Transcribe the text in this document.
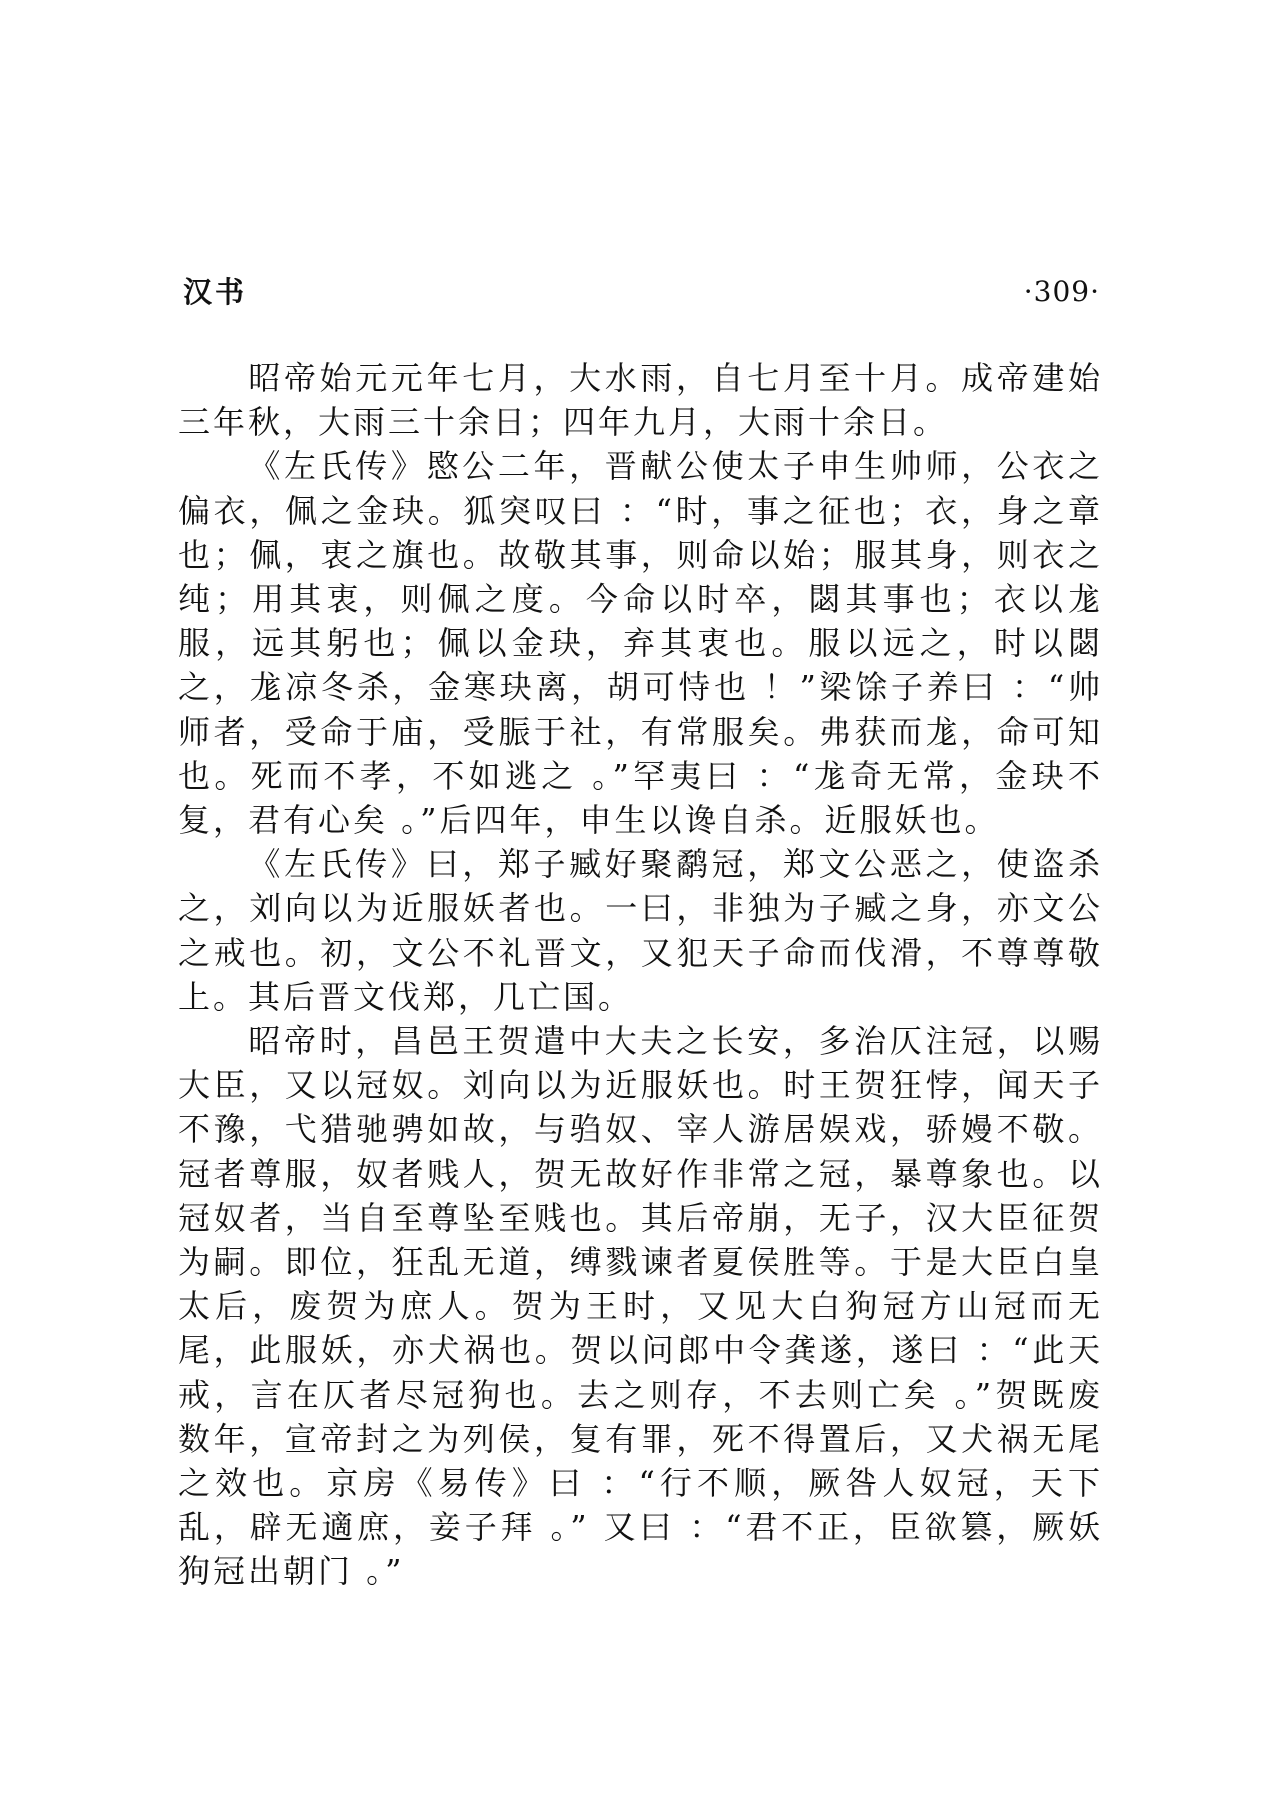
汉书	·309·

昭帝始元元年七月，大水雨，自七月至十月。成帝建始三年秋，大雨三十余日；四年九月，大雨十余日。

《左氏传》愍公二年，晋献公使太子申生帅师，公衣之偏衣，佩之金玦。狐突叹曰 ：“时，事之征也；衣，身之章也；佩，衷之旗也。故敬其事，则命以始；服其身，则衣之纯；用其衷，则佩之度。今命以时卒，閟其事也；衣以尨服，远其躬也；佩以金玦，弃其衷也。服以远之，时以閟之，尨凉冬杀，金寒玦离，胡可恃也 ！”梁馀子养曰 ：“帅师者，受命于庙，受脤于社，有常服矣。弗获而尨，命可知也。死而不孝，不如逃之 。”罕夷曰 ：“尨奇无常，金玦不复，君有心矣 。”后四年，申生以谗自杀。近服妖也。

《左氏传》曰，郑子臧好聚鹬冠，郑文公恶之，使盗杀之，刘向以为近服妖者也。一曰，非独为子臧之身，亦文公之戒也。初，文公不礼晋文，又犯天子命而伐滑，不尊尊敬上。其后晋文伐郑，几亡国。

昭帝时，昌邑王贺遣中大夫之长安，多治仄注冠，以赐大臣，又以冠奴。刘向以为近服妖也。时王贺狂悖，闻天子不豫，弋猎驰骋如故，与驺奴、宰人游居娱戏，骄嫚不敬。冠者尊服，奴者贱人，贺无故好作非常之冠，暴尊象也。以冠奴者，当自至尊坠至贱也。其后帝崩，无子，汉大臣征贺为嗣。即位，狂乱无道，缚戮谏者夏侯胜等。于是大臣白皇太后，废贺为庶人。贺为王时，又见大白狗冠方山冠而无尾，此服妖，亦犬祸也。贺以问郎中令龚遂，遂曰 ：“此天戒，言在仄者尽冠狗也。去之则存，不去则亡矣 。”贺既废数年，宣帝封之为列侯，复有罪，死不得置后，又犬祸无尾之效也。京房《易传》曰 ：“行不顺，厥咎人奴冠，天下乱，辟无適庶，妾子拜 。” 又曰 ：“君不正，臣欲篡，厥妖狗冠出朝门 。”
